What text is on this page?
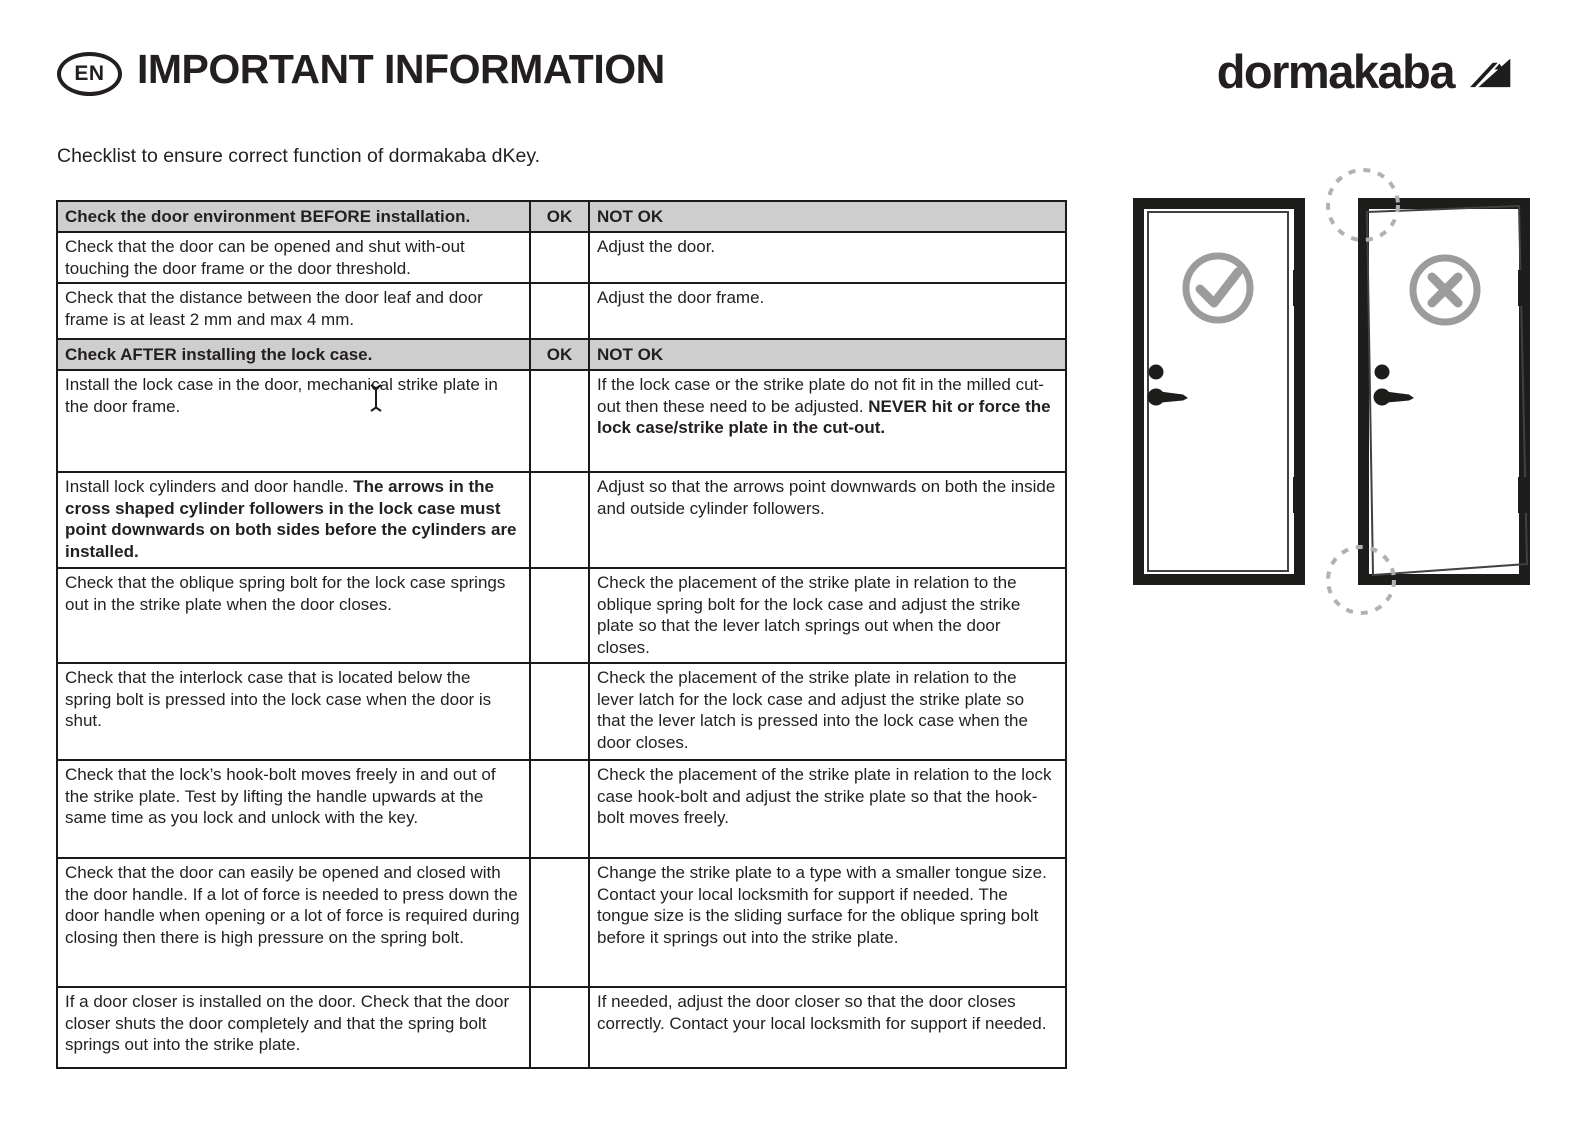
EN IMPORTANT INFORMATION	dormakaba

Checklist to ensure correct function of dormakaba dKey.

Check the door environment BEFORE installation.	OK	NOT OK
Check that the door can be opened and shut with-out touching the door frame or the door threshold.		Adjust the door.
Check that the distance between the door leaf and door frame is at least 2 mm and max 4 mm.		Adjust the door frame.
Check AFTER installing the lock case.	OK	NOT OK
Install the lock case in the door, mechanical strike plate in the door frame.		If the lock case or the strike plate do not fit in the milled cut-out then these need to be adjusted. NEVER hit or force the lock case/strike plate in the cut-out.
Install lock cylinders and door handle. The arrows in the cross shaped cylinder followers in the lock case must point downwards on both sides before the cylinders are installed.		Adjust so that the arrows point downwards on both the inside and outside cylinder followers.
Check that the oblique spring bolt for the lock case springs out in the strike plate when the door closes.		Check the placement of the strike plate in relation to the oblique spring bolt for the lock case and adjust the strike plate so that the lever latch springs out when the door closes.
Check that the interlock case that is located below the spring bolt is pressed into the lock case when the door is shut.		Check the placement of the strike plate in relation to the lever latch for the lock case and adjust the strike plate so that the lever latch is pressed into the lock case when the door closes.
Check that the lock’s hook-bolt moves freely in and out of the strike plate. Test by lifting the handle upwards at the same time as you lock and unlock with the key.		Check the placement of the strike plate in relation to the lock case hook-bolt and adjust the strike plate so that the hook-bolt moves freely.
Check that the door can easily be opened and closed with the door handle. If a lot of force is needed to press down the door handle when opening or a lot of force is required during closing then there is high pressure on the spring bolt.		Change the strike plate to a type with a smaller tongue size. Contact your local locksmith for support if needed. The tongue size is the sliding surface for the oblique spring bolt before it springs out into the strike plate.
If a door closer is installed on the door. Check that the door closer shuts the door completely and that the spring bolt springs out into the strike plate.		If needed, adjust the door closer so that the door closes correctly. Contact your local locksmith for support if needed.
